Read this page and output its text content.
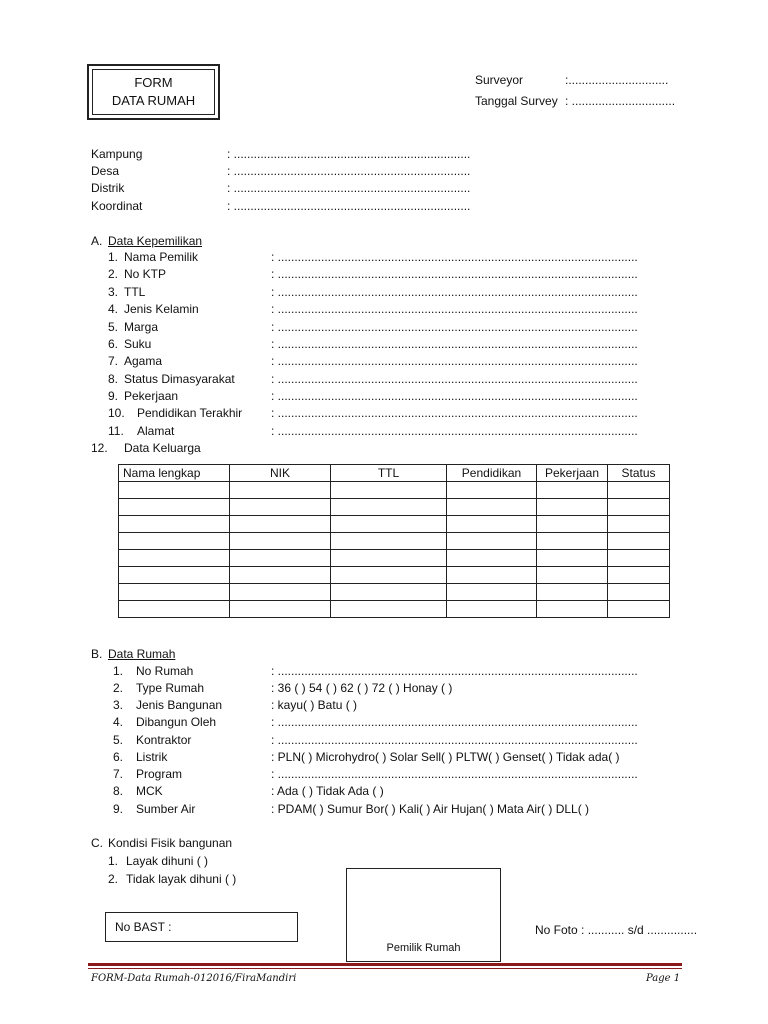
FORM
DATA RUMAH
Surveyor	:..............................
Tanggal Survey : ...............................
Kampung	: .......................................................................
Desa	: .......................................................................
Distrik	: .......................................................................
Koordinat	: .......................................................................
A. Data Kepemilikan
1. Nama Pemilik	: ............................................................................................................
2. No KTP	: ............................................................................................................
3. TTL	: ............................................................................................................
4. Jenis Kelamin	: ............................................................................................................
5. Marga	: ............................................................................................................
6. Suku	: ............................................................................................................
7. Agama	: ............................................................................................................
8. Status Dimasyarakat	: ............................................................................................................
9. Pekerjaan	: ............................................................................................................
10. Pendidikan Terakhir : ............................................................................................................
11. Alamat	: ............................................................................................................
12. Data Keluarga
Nama lengkap	NIK	TTL	Pendidikan	Pekerjaan	Status

B. Data Rumah
1. No Rumah	: ............................................................................................................
2. Type Rumah	: 36 ( ) 54 ( ) 62 ( ) 72 ( ) Honay ( )
3. Jenis Bangunan	: kayu( ) Batu ( )
4. Dibangun Oleh	: ............................................................................................................
5. Kontraktor	: ............................................................................................................
6. Listrik	: PLN( ) Microhydro( ) Solar Sell( ) PLTW( ) Genset( ) Tidak ada( )
7. Program	: ............................................................................................................
8. MCK	: Ada ( ) Tidak Ada ( )
9. Sumber Air	: PDAM( ) Sumur Bor( ) Kali( ) Air Hujan( ) Mata Air( ) DLL( )
C. Kondisi Fisik bangunan
1. Layak dihuni ( )
2. Tidak layak dihuni ( )
No BAST :
Pemilik Rumah
No Foto : ........... s/d ...............
FORM-Data Rumah-012016/FiraMandiri	Page 1
